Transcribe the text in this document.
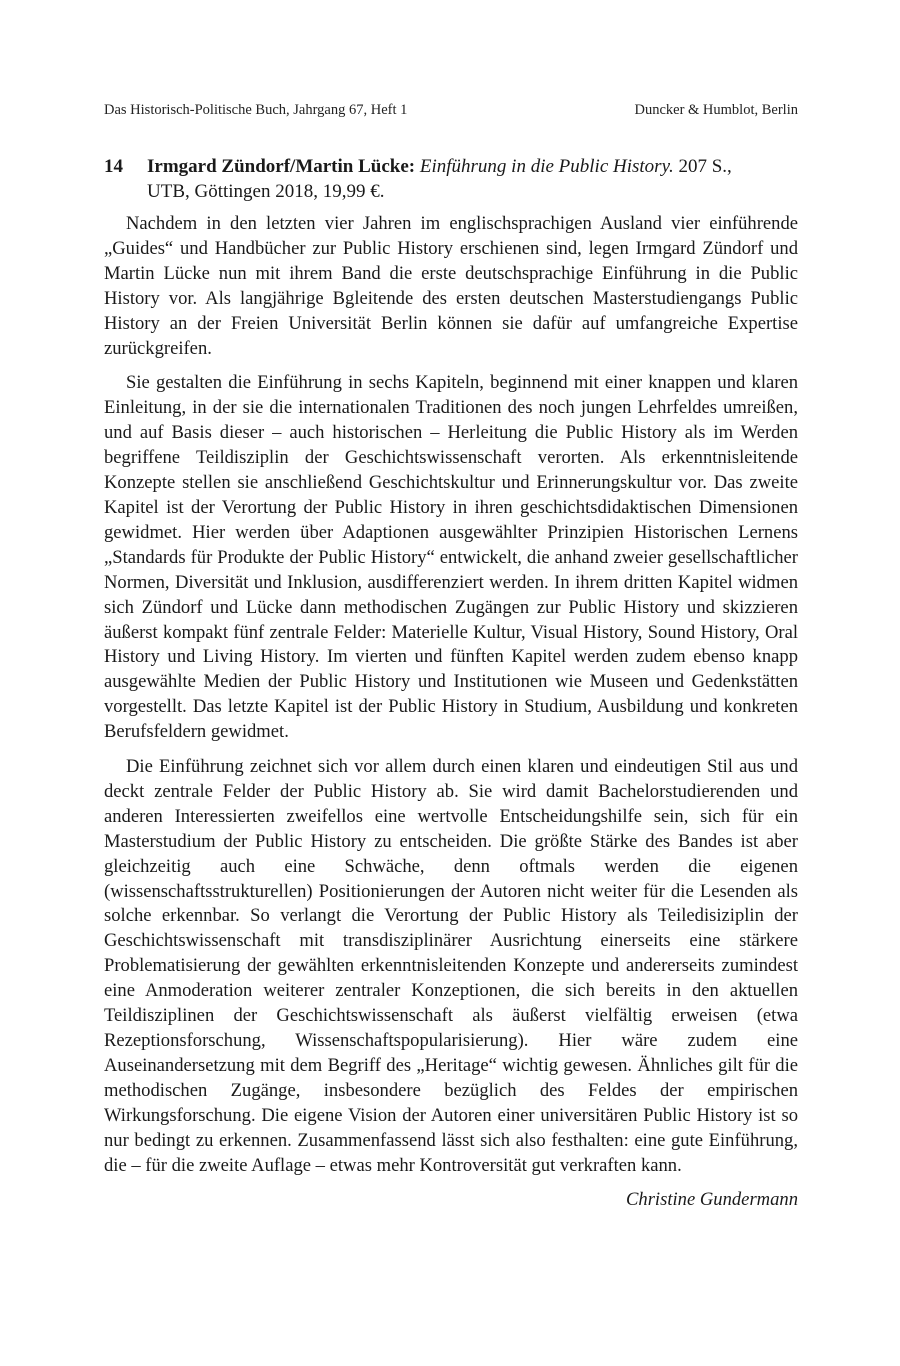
Das Historisch-Politische Buch, Jahrgang 67, Heft 1	Duncker & Humblot, Berlin
14	Irmgard Zündorf/Martin Lücke: Einführung in die Public History. 207 S.,
UTB, Göttingen 2018, 19,99 €.

Nachdem in den letzten vier Jahren im englischsprachigen Ausland vier einführende „Guides“ und Handbücher zur Public History erschienen sind, legen Irmgard Zündorf und Martin Lücke nun mit ihrem Band die erste deutschsprachige Einführung in die Public History vor. Als langjährige Bgleitende des ersten deutschen Masterstudiengangs Public History an der Freien Universität Berlin können sie dafür auf umfangreiche Expertise zurückgreifen.

Sie gestalten die Einführung in sechs Kapiteln, beginnend mit einer knappen und klaren Einleitung, in der sie die internationalen Traditionen des noch jungen Lehrfeldes umreißen, und auf Basis dieser – auch historischen – Herleitung die Public History als im Werden begriffene Teildisziplin der Geschichtswissenschaft verorten. Als erkenntnisleitende Konzepte stellen sie anschließend Geschichtskultur und Erinnerungskultur vor. Das zweite Kapitel ist der Verortung der Public History in ihren geschichtsdidaktischen Dimensionen gewidmet. Hier werden über Adaptionen ausgewählter Prinzipien Historischen Lernens „Standards für Produkte der Public History“ entwickelt, die anhand zweier gesellschaftlicher Normen, Diversität und Inklusion, ausdifferenziert werden. In ihrem dritten Kapitel widmen sich Zündorf und Lücke dann methodischen Zugängen zur Public History und skizzieren äußerst kompakt fünf zentrale Felder: Materielle Kultur, Visual History, Sound History, Oral History und Living History. Im vierten und fünften Kapitel werden zudem ebenso knapp ausgewählte Medien der Public History und Institutionen wie Museen und Gedenkstätten vorgestellt. Das letzte Kapitel ist der Public History in Studium, Ausbildung und konkreten Berufsfeldern gewidmet.

Die Einführung zeichnet sich vor allem durch einen klaren und eindeutigen Stil aus und deckt zentrale Felder der Public History ab. Sie wird damit Bachelorstudierenden und anderen Interessierten zweifellos eine wertvolle Entscheidungshilfe sein, sich für ein Masterstudium der Public History zu entscheiden. Die größte Stärke des Bandes ist aber gleichzeitig auch eine Schwäche, denn oftmals werden die eigenen (wissenschaftsstrukturellen) Positionierungen der Autoren nicht weiter für die Lesenden als solche erkennbar. So verlangt die Verortung der Public History als Teiledisiziplin der Geschichtswissenschaft mit transdisziplinärer Ausrichtung einerseits eine stärkere Problematisierung der gewählten erkenntnisleitenden Konzepte und andererseits zumindest eine Anmoderation weiterer zentraler Konzeptionen, die sich bereits in den aktuellen Teildisziplinen der Geschichtswissenschaft als äußerst vielfältig erweisen (etwa Rezeptionsforschung, Wissenschaftspopularisierung). Hier wäre zudem eine Auseinandersetzung mit dem Begriff des „Heritage“ wichtig gewesen. Ähnliches gilt für die methodischen Zugänge, insbesondere bezüglich des Feldes der empirischen Wirkungsforschung. Die eigene Vision der Autoren einer universitären Public History ist so nur bedingt zu erkennen. Zusammenfassend lässt sich also festhalten: eine gute Einführung, die – für die zweite Auflage – etwas mehr Kontroversität gut verkraften kann.

Christine Gundermann
